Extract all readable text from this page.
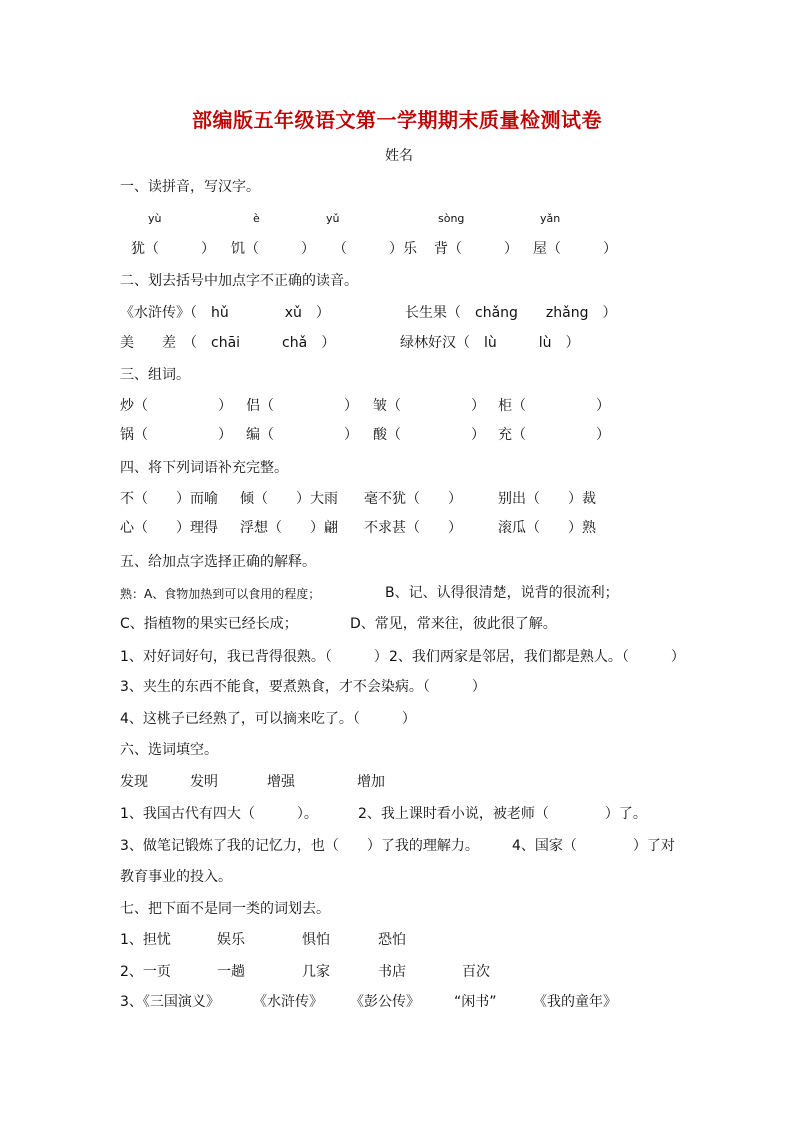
部编版五年级语文第一学期期末质量检测试卷
姓名
一、读拼音，写汉字。
yù	è	yǔ	sòng	yǎn
犹（　　　） 饥（　　　） （　　　）乐 背（　　　） 屋（　　　）
二、划去括号中加点字不正确的读音。
《水浒传》（　hǔ　　　　xǔ　）	长生果（　chǎng　　zhǎng　）
美　　差　（　chāi　　　chǎ　）	绿林好汉（　lù　　　lù　）
三、组词。
炒（　　　　　） 侣（　　　　　） 皱（　　　　　） 柜（　　　　　）
锅（　　　　　） 编（　　　　　） 酸（　　　　　） 充（　　　　　）
四、将下列词语补充完整。
不（　　）而喻 倾（　　）大雨 毫不犹（　　）	别出（　　）裁
心（　　）理得 浮想（　　）翩 不求甚（　　）	滚瓜（　　）熟
五、给加点字选择正确的解释。
熟：A、食物加热到可以食用的程度；	B、记、认得很清楚，说背的很流利；
C、指植物的果实已经长成；	D、常见，常来往，彼此很了解。
1、对好词好句，我已背得很熟。（　　　） 2、我们两家是邻居，我们都是熟人。（　　　）
3、夹生的东西不能食，要煮熟食，才不会染病。（　　　）
4、这桃子已经熟了，可以摘来吃了。（　　　）
六、选词填空。
发现	发明	增强	增加
1、我国古代有四大（　　　）。	2、我上课时看小说，被老师（　　　　）了。
3、做笔记锻炼了我的记忆力，也（　　）了我的理解力。 4、国家（　　　　）了对
教育事业的投入。
七、把下面不是同一类的词划去。
1、担忧	娱乐	惧怕	恐怕
2、一页	一趟	几家	书店	百次
3、《三国演义》 《水浒传》 《彭公传》 “闲书”	《我的童年》
